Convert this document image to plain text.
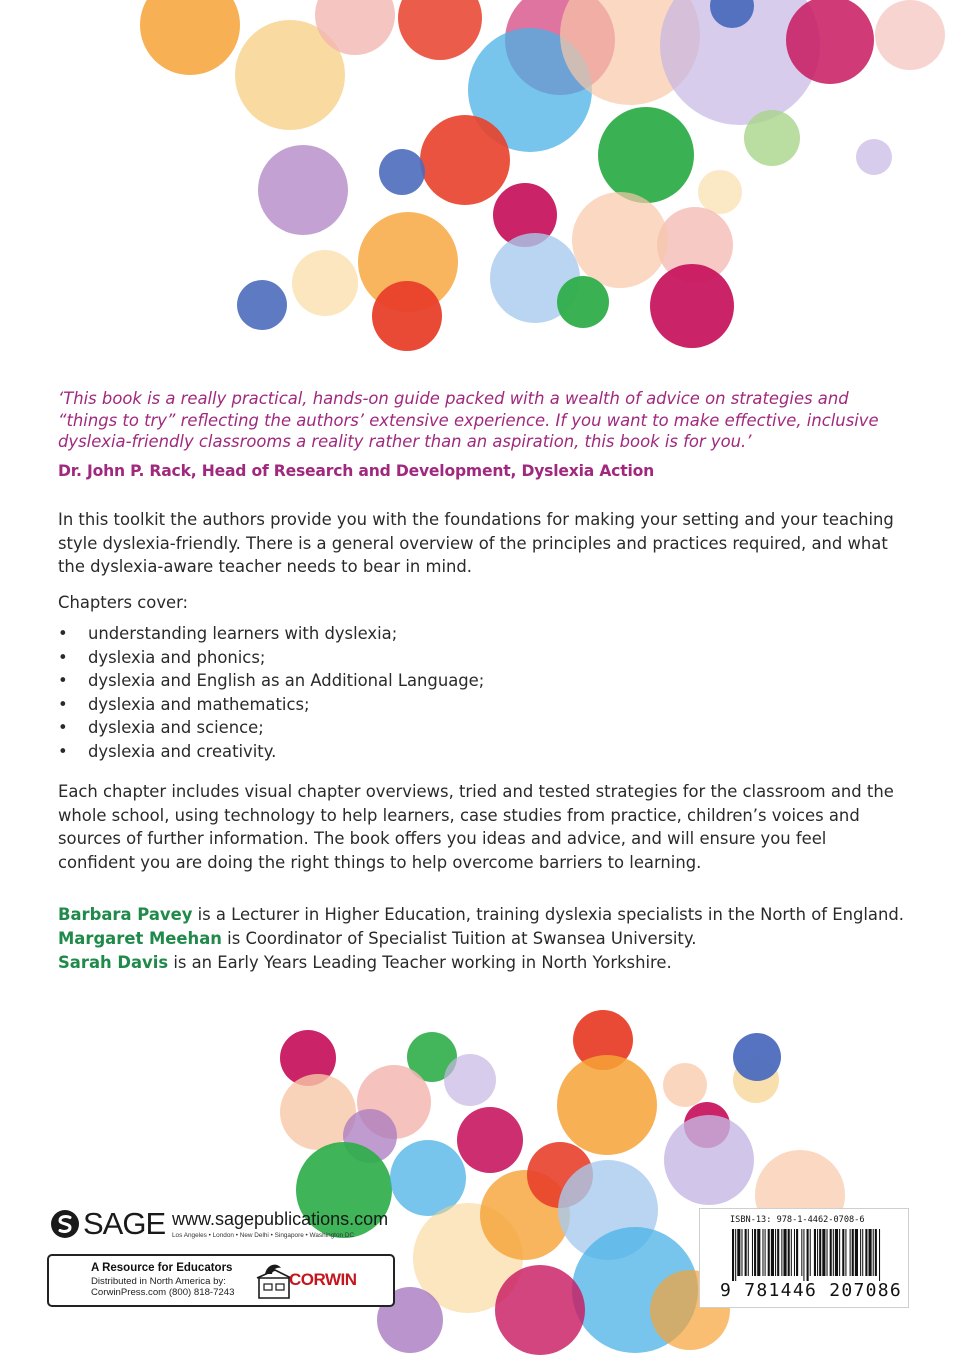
‘This book is a really practical, hands-on guide packed with a wealth of advice on strategies and “things to try” reflecting the authors’ extensive experience. If you want to make effective, inclusive dyslexia-friendly classrooms a reality rather than an aspiration, this book is for you.’

Dr. John P. Rack, Head of Research and Development, Dyslexia Action

In this toolkit the authors provide you with the foundations for making your setting and your teaching style dyslexia-friendly. There is a general overview of the principles and practices required, and what the dyslexia-aware teacher needs to bear in mind.

Chapters cover:

• understanding learners with dyslexia;
• dyslexia and phonics;
• dyslexia and English as an Additional Language;
• dyslexia and mathematics;
• dyslexia and science;
• dyslexia and creativity.

Each chapter includes visual chapter overviews, tried and tested strategies for the classroom and the whole school, using technology to help learners, case studies from practice, children’s voices and sources of further information. The book offers you ideas and advice, and will ensure you feel confident you are doing the right things to help overcome barriers to learning.

Barbara Pavey is a Lecturer in Higher Education, training dyslexia specialists in the North of England.
Margaret Meehan is Coordinator of Specialist Tuition at Swansea University.
Sarah Davis is an Early Years Leading Teacher working in North Yorkshire.
SAGE www.sagepublications.com
Los Angeles • London • New Delhi • Singapore • Washington DC
A Resource for Educators
Distributed in North America by:
CorwinPress.com (800) 818-7243
CORWIN
ISBN-13: 978-1-4462-0708-6
9 781446 207086
